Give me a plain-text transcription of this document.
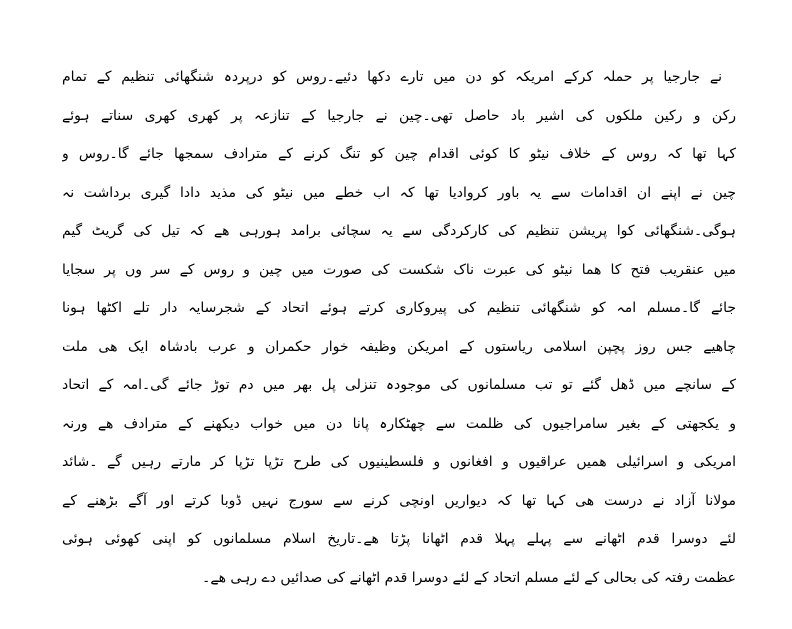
نے جارجیا پر حملہ کرکے امریکہ کو دن میں تارے دکھا دئیے۔روس کو درپردہ شنگھائی تنظیم کے تمام
رکن و رکین ملکوں کی اشیر باد حاصل تھی۔چین نے جارجیا کے تنازعہ پر کھری کھری سناتے ہوئے
کہا تھا کہ روس کے خلاف نیٹو کا کوئی اقدام چین کو تنگ کرنے کے مترادف سمجھا جائے گا۔روس و
چین نے اپنے ان اقدامات سے یہ باور کروادیا تھا کہ اب خطے میں نیٹو کی مذید دادا گیری برداشت نہ
ہوگی۔شنگھائی کوا پریشن تنظیم کی کارکردگی سے یہ سچائی برامد ہورہی ھے کہ تیل کی گریٹ گیم
میں عنقریب فتح کا ھما نیٹو کی عبرت ناک شکست کی صورت میں چین و روس کے سر وں پر سجایا
جائے گا۔مسلم امہ کو شنگھائی تنظیم کی پیروکاری کرتے ہوئے اتحاد کے شجرسایہ دار تلے اکٹھا ہونا
چاھیے جس روز پچپن اسلامی ریاستوں کے امریکن وظیفہ خوار حکمران و عرب بادشاہ ایک ھی ملت
کے سانچے میں ڈھل گئے تو تب مسلمانوں کی موجودہ تنزلی پل بھر میں دم توڑ جائے گی۔امہ کے اتحاد
و یکجھتی کے بغیر سامراجیوں کی ظلمت سے چھٹکارہ پانا دن میں خواب دیکھنے کے مترادف ھے ورنہ
امریکی و اسرائیلی ھمیں عراقیوں و افغانوں و فلسطینیوں کی طرح تڑپا تڑپا کر مارتے رہیں گے ۔شائد
مولانا آزاد نے درست ھی کہا تھا کہ دیواریں اونچی کرنے سے سورج نہیں ڈوبا کرتے اور آگے بڑھنے کے
لئے دوسرا قدم اٹھانے سے پہلے پہلا قدم اٹھانا پڑتا ھے۔تاریخ اسلام مسلمانوں کو اپنی کھوئی ہوئی
عظمت رفتہ کی بحالی کے لئے مسلم اتحاد کے لئے دوسرا قدم اٹھانے کی صدائیں دے رہی ھے۔
